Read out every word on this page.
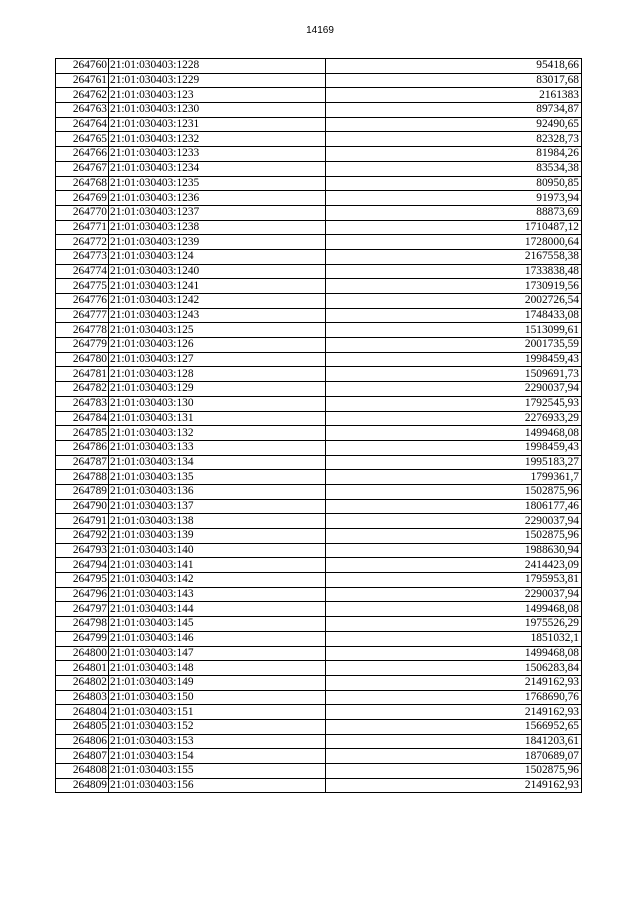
14169
264760	21:01:030403:1228	95418,66
264761	21:01:030403:1229	83017,68
264762	21:01:030403:123	2161383
264763	21:01:030403:1230	89734,87
264764	21:01:030403:1231	92490,65
264765	21:01:030403:1232	82328,73
264766	21:01:030403:1233	81984,26
264767	21:01:030403:1234	83534,38
264768	21:01:030403:1235	80950,85
264769	21:01:030403:1236	91973,94
264770	21:01:030403:1237	88873,69
264771	21:01:030403:1238	1710487,12
264772	21:01:030403:1239	1728000,64
264773	21:01:030403:124	2167558,38
264774	21:01:030403:1240	1733838,48
264775	21:01:030403:1241	1730919,56
264776	21:01:030403:1242	2002726,54
264777	21:01:030403:1243	1748433,08
264778	21:01:030403:125	1513099,61
264779	21:01:030403:126	2001735,59
264780	21:01:030403:127	1998459,43
264781	21:01:030403:128	1509691,73
264782	21:01:030403:129	2290037,94
264783	21:01:030403:130	1792545,93
264784	21:01:030403:131	2276933,29
264785	21:01:030403:132	1499468,08
264786	21:01:030403:133	1998459,43
264787	21:01:030403:134	1995183,27
264788	21:01:030403:135	1799361,7
264789	21:01:030403:136	1502875,96
264790	21:01:030403:137	1806177,46
264791	21:01:030403:138	2290037,94
264792	21:01:030403:139	1502875,96
264793	21:01:030403:140	1988630,94
264794	21:01:030403:141	2414423,09
264795	21:01:030403:142	1795953,81
264796	21:01:030403:143	2290037,94
264797	21:01:030403:144	1499468,08
264798	21:01:030403:145	1975526,29
264799	21:01:030403:146	1851032,1
264800	21:01:030403:147	1499468,08
264801	21:01:030403:148	1506283,84
264802	21:01:030403:149	2149162,93
264803	21:01:030403:150	1768690,76
264804	21:01:030403:151	2149162,93
264805	21:01:030403:152	1566952,65
264806	21:01:030403:153	1841203,61
264807	21:01:030403:154	1870689,07
264808	21:01:030403:155	1502875,96
264809	21:01:030403:156	2149162,93
